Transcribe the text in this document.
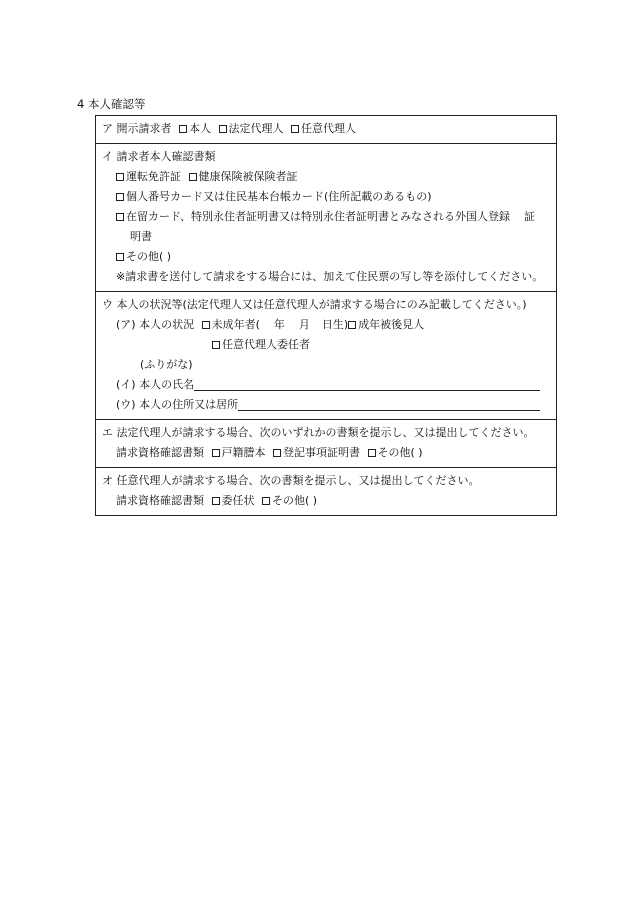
4 本人確認等
ア 開示請求者 本人 法定代理人 任意代理人
イ 請求者本人確認書類
運転免許証 健康保険被保険者証
個人番号カード又は住民基本台帳カード(住所記載のあるもの)
在留カード、特別永住者証明書又は特別永住者証明書とみなされる外国人登録 証
明書
その他( )
※請求書を送付して請求をする場合には、加えて住民票の写し等を添付してください。
ウ 本人の状況等(法定代理人又は任意代理人が請求する場合にのみ記載してください。)
(ア) 本人の状況 未成年者( 年 月 日生) 成年被後見人
任意代理人委任者
(ふりがな)
(イ) 本人の氏名
(ウ) 本人の住所又は居所
エ 法定代理人が請求する場合、次のいずれかの書類を提示し、又は提出してください。
請求資格確認書類 戸籍謄本 登記事項証明書 その他( )
オ 任意代理人が請求する場合、次の書類を提示し、又は提出してください。
請求資格確認書類 委任状 その他( )
